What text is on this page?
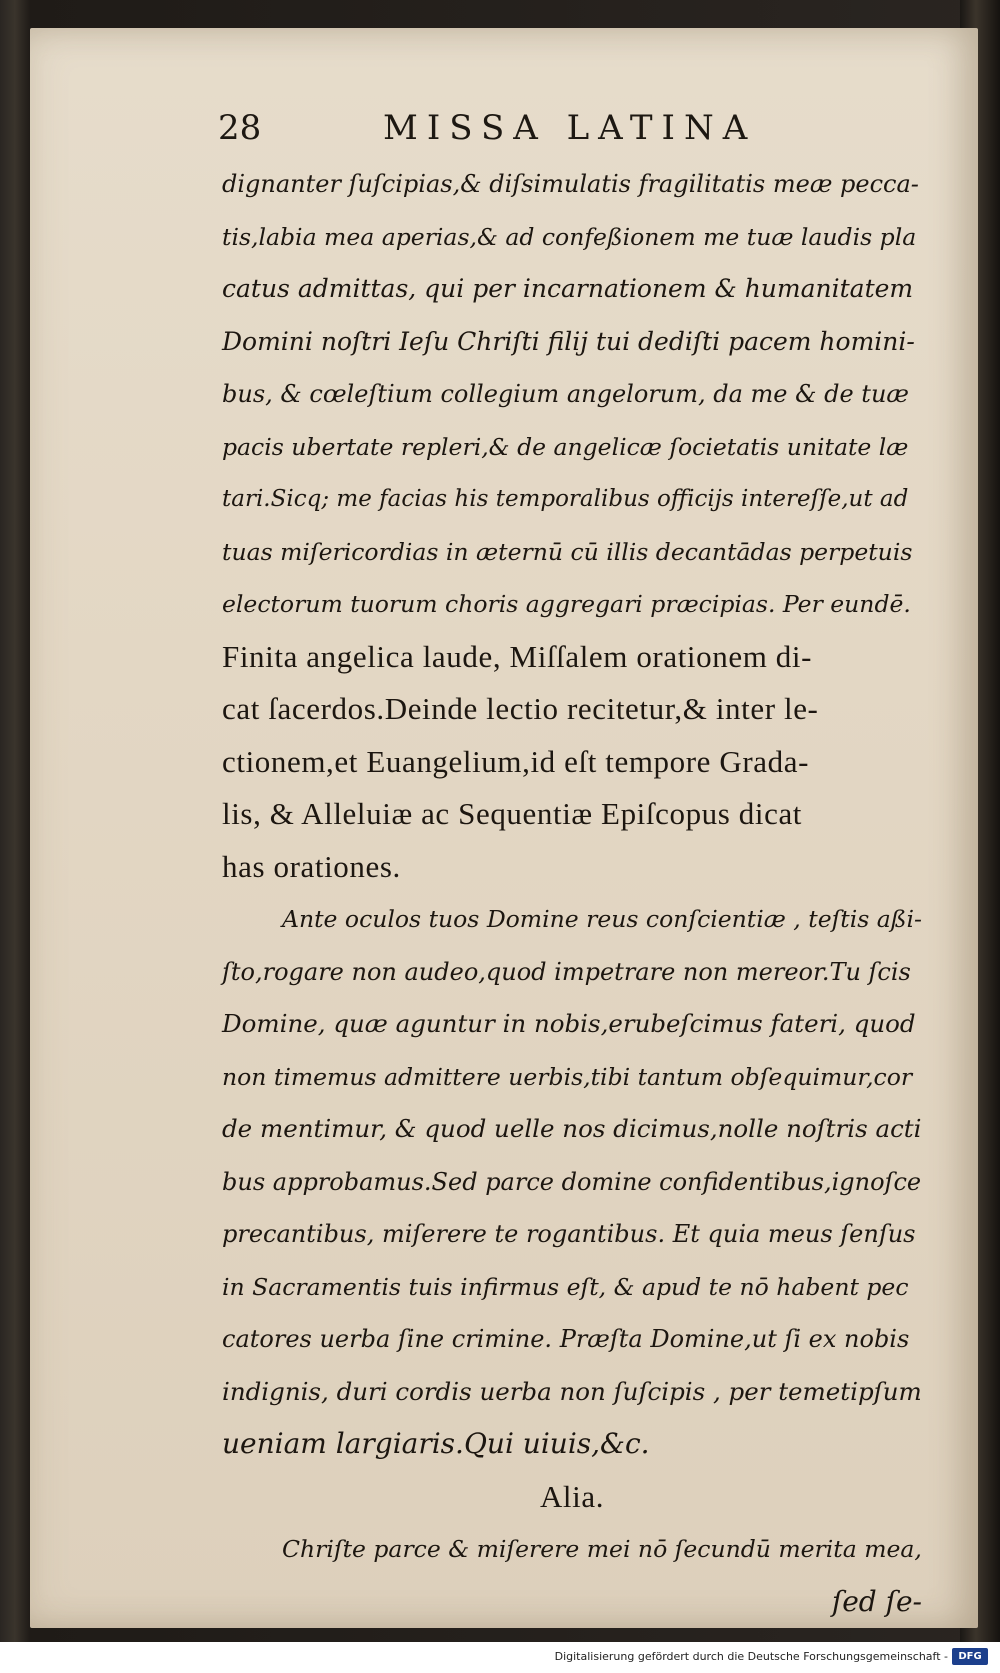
28	MISSA LATINA
dignanter ſuſcipias,& diſsimulatis fragilitatis meæ pecca-
tis,labia mea aperias,& ad confeßionem me tuæ laudis pla
catus admittas, qui per incarnationem & humanitatem
Domini noſtri Ieſu Chriſti filij tui dediſti pacem homini-
bus, & cœleſtium collegium angelorum, da me & de tuæ
pacis ubertate repleri,& de angelicæ ſocietatis unitate læ
tari.Sicq; me facias his temporalibus officijs intereſſe,ut ad
tuas miſericordias in æternū cū illis decantādas perpetuis
electorum tuorum choris aggregari præcipias. Per eundē.
Finita angelica laude, Miſſalem orationem di-
cat ſacerdos.Deinde lectio recitetur,& inter le-
ctionem,et Euangelium,id eſt tempore Grada-
lis, & Alleluiæ ac Sequentiæ Epiſcopus dicat
has orationes.
Ante oculos tuos Domine reus conſcientiæ , teſtis aßi-
ſto,rogare non audeo,quod impetrare non mereor.Tu ſcis
Domine, quæ aguntur in nobis,erubeſcimus fateri, quod
non timemus admittere uerbis,tibi tantum obſequimur,cor
de mentimur, & quod uelle nos dicimus,nolle noſtris acti
bus approbamus.Sed parce domine confidentibus,ignoſce
precantibus, miſerere te rogantibus. Et quia meus ſenſus
in Sacramentis tuis infirmus eſt, & apud te nō habent pec
catores uerba ſine crimine. Præſta Domine,ut ſi ex nobis
indignis, duri cordis uerba non ſuſcipis , per temetipſum
ueniam largiaris.Qui uiuis,&c.
Alia.
Chriſte parce & miſerere mei nō ſecundū merita mea,
ſed ſe-
Digitalisierung gefördert durch die Deutsche Forschungsgemeinschaft -	DFG
